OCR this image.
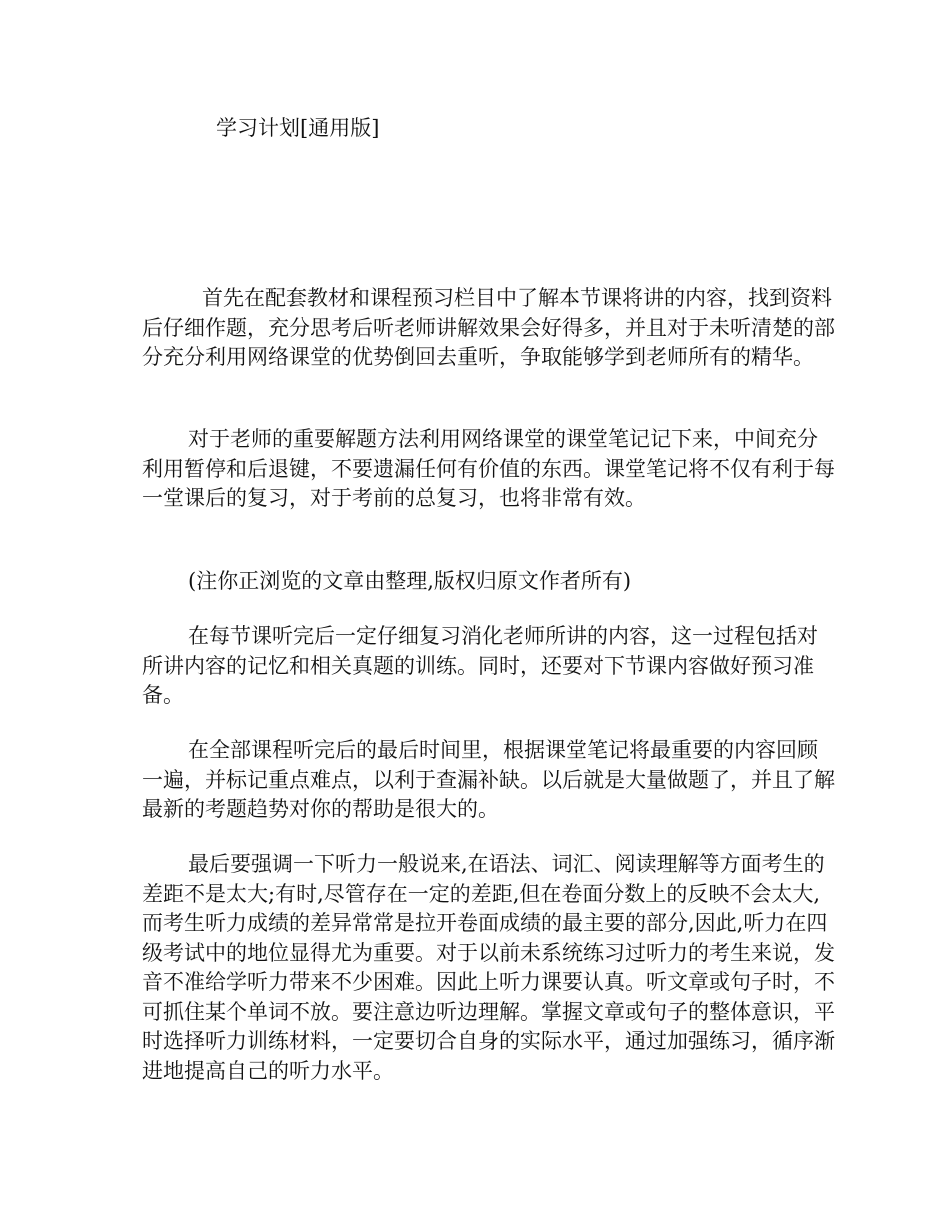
学习计划[通用版]

首先在配套教材和课程预习栏目中了解本节课将讲的内容，找到资料后仔细作题，充分思考后听老师讲解效果会好得多，并且对于未听清楚的部分充分利用网络课堂的优势倒回去重听，争取能够学到老师所有的精华。

对于老师的重要解题方法利用网络课堂的课堂笔记记下来，中间充分利用暂停和后退键，不要遗漏任何有价值的东西。课堂笔记将不仅有利于每一堂课后的复习，对于考前的总复习，也将非常有效。

(注你正浏览的文章由整理,版权归原文作者所有)

在每节课听完后一定仔细复习消化老师所讲的内容，这一过程包括对所讲内容的记忆和相关真题的训练。同时，还要对下节课内容做好预习准备。

在全部课程听完后的最后时间里，根据课堂笔记将最重要的内容回顾一遍，并标记重点难点，以利于查漏补缺。以后就是大量做题了，并且了解最新的考题趋势对你的帮助是很大的。

最后要强调一下听力一般说来,在语法、词汇、阅读理解等方面考生的差距不是太大;有时,尽管存在一定的差距,但在卷面分数上的反映不会太大,而考生听力成绩的差异常常是拉开卷面成绩的最主要的部分,因此,听力在四级考试中的地位显得尤为重要。对于以前未系统练习过听力的考生来说，发音不准给学听力带来不少困难。因此上听力课要认真。听文章或句子时，不可抓住某个单词不放。要注意边听边理解。掌握文章或句子的整体意识，平时选择听力训练材料，一定要切合自身的实际水平，通过加强练习，循序渐进地提高自己的听力水平。
